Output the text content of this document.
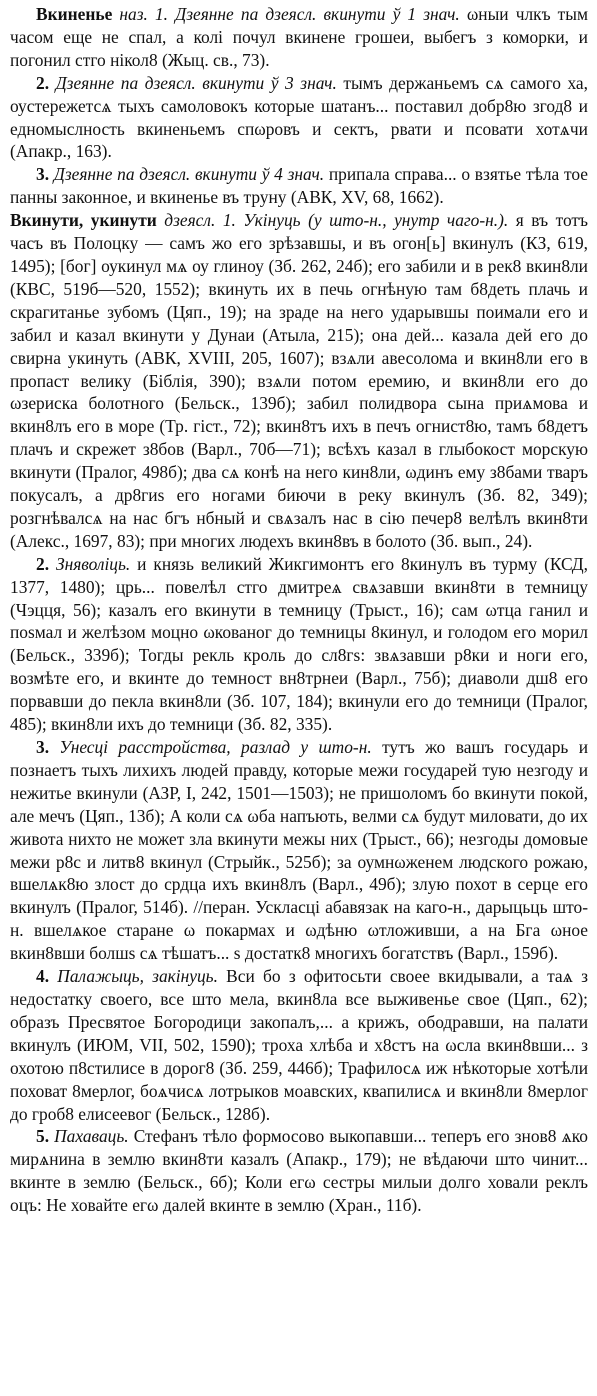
Вкиненье наз. 1. Дзеянне па дзеясл. вкинути ў 1 знач. ωныи члкъ тым часом еще не спал, а колі почул вкинене грошеи, выбегъ з коморки, и погонил стго нікол8 (Жыц. св., 73).

2. Дзеянне па дзеясл. вкинути ў 3 знач. тымъ держаньемъ сѧ самого ха, оустережетсѧ тыхъ самоловокъ которые шатанъ... поставил добр8ю згод8 и едномыслность вкиненьемъ спωровъ и сектъ, рвати и псовати хотѧчи (Апакр., 163).

3. Дзеянне па дзеясл. вкинути ў 4 знач. припала справа... о взятье тѣла тое панны законное, и вкиненье въ труну (АВК, XV, 68, 1662).

Вкинути, укинути дзеясл. 1. Укінуць (у што-н., унутр чаго-н.). я въ тотъ часъ въ Полоцку — самъ жо его зрѣзавшы, и въ огон[ь] вкинулъ (КЗ, 619, 1495); [бог] оукинул мѧ оу глиноу (Зб. 262, 24б); его забили и в рек8 вкин8ли (КВС, 519б—520, 1552); вкинуть их в печь огнѣную там б8деть плачь и скрагитанье зубомъ (Цяп., 19); на зраде на него ударывшы поимали его и забил и казал вкинути у Дунаи (Атыла, 215); она дей... казала дей его до свирна укинуть (АВК, XVIII, 205, 1607); взѧли авесолома и вкин8ли его в пропаст велику (Біблія, 390); взѧли потом еремию, и вкин8ли его до ωзериска болотного (Бельск., 139б); забил полидвора сына приѧмова и вкин8лъ его в море (Тр. гіст., 72); вкин8тъ ихъ в печъ огнист8ю, тамъ б8детъ плачъ и скрежет з8бов (Варл., 70б—71); всѣхъ казал в глыбокост морскую вкинути (Пралог, 498б); два сѧ конѣ на него кин8ли, ωдинъ ему з8бами тваръ покусалъ, а др8гиѕ его ногами биючи в реку вкинулъ (Зб. 82, 349); розгнѣвалсѧ на нас бгъ нбный и свѧзалъ нас в сію печер8 велѣлъ вкин8ти (Алекс., 1697, 83); при многих людехъ вкин8въ в болото (Зб. вып., 24).

2. Зняволіць. и князь великий Жикгимонтъ его 8кинулъ въ турму (КСД, 1377, 1480); црь... повелѣл стго дмитреѧ свѧзавши вкин8ти в темницу (Чэцця, 56); казалъ его вкинути в темницу (Трыст., 16); сам ωтца ганил и поѕмал и желѣзом моцно ωкованог до темницы 8кинул, и голодом его морил (Бельск., 339б); Тогды рекль кроль до сл8гѕ: звѧзавши р8ки и ноги его, возмѣте его, и вкинте до темност вн8трнеи (Варл., 75б); диаволи дш8 его порвавши до пекла вкин8ли (Зб. 107, 184); вкинули его до темници (Пралог, 485); вкин8ли ихъ до темници (Зб. 82, 335).

3. Унесці расстройства, разлад у што-н. тутъ жо вашъ государь и познаетъ тыхъ лихихъ людей правду, которые межи государей тую незгоду и нежитье вкинули (АЗР, I, 242, 1501—1503); не пришоломъ бо вкинути покой, але мечъ (Цяп., 13б); А коли сѧ ωба напъють, велми сѧ будут миловати, до их живота нихто не может зла вкинути межы них (Трыст., 66); незгоды домовые межи р8с и литв8 вкинул (Стрыйк., 525б); за оумнωженем людского рожаю, вшелѧк8ю злост до срдца ихъ вкин8лъ (Варл., 49б); злую похот в серце его вкинулъ (Пралог, 514б). //перан. Ускласці абавязак на каго-н., дарыцьць што-н. вшелѧкое старанe ω покармах и ωдѣню ωтложивши, а на Бга ωное вкин8вши болшѕ сѧ тѣшатъ... ѕ достатк8 многихъ богатствъ (Варл., 159б).

4. Палажыць, закінуць. Вси бо з офитосьти своее вкидывали, а таѧ з недостатку своего, все што мела, вкин8ла все выживенье свое (Цяп., 62); образъ Пресвятое Богородици закопалъ,... а крижъ, ободравши, на палати вкинулъ (ИЮМ, VII, 502, 1590); троха хлѣба и х8стъ на ωсла вкин8вши... з охотою п8стилисе в дорог8 (Зб. 259, 446б); Трафилосѧ иж нѣкоторые хотѣли поховат 8мерлог, боѧчисѧ лотрыков моавских, квапилисѧ и вкин8ли 8мерлог до гроб8 елисеевог (Бельск., 128б).

5. Пахаваць. Стефанъ тѣло формосово выкопавши... теперъ его знов8 ѧко мирѧнина в землю вкин8ти казалъ (Апакр., 179); не вѣдаючи што чинит... вкинте в землю (Бельск., 6б); Коли егω сестры милыи долго ховали реклъ оцъ: Не ховайте егω далей вкинте в землю (Хран., 11б).
